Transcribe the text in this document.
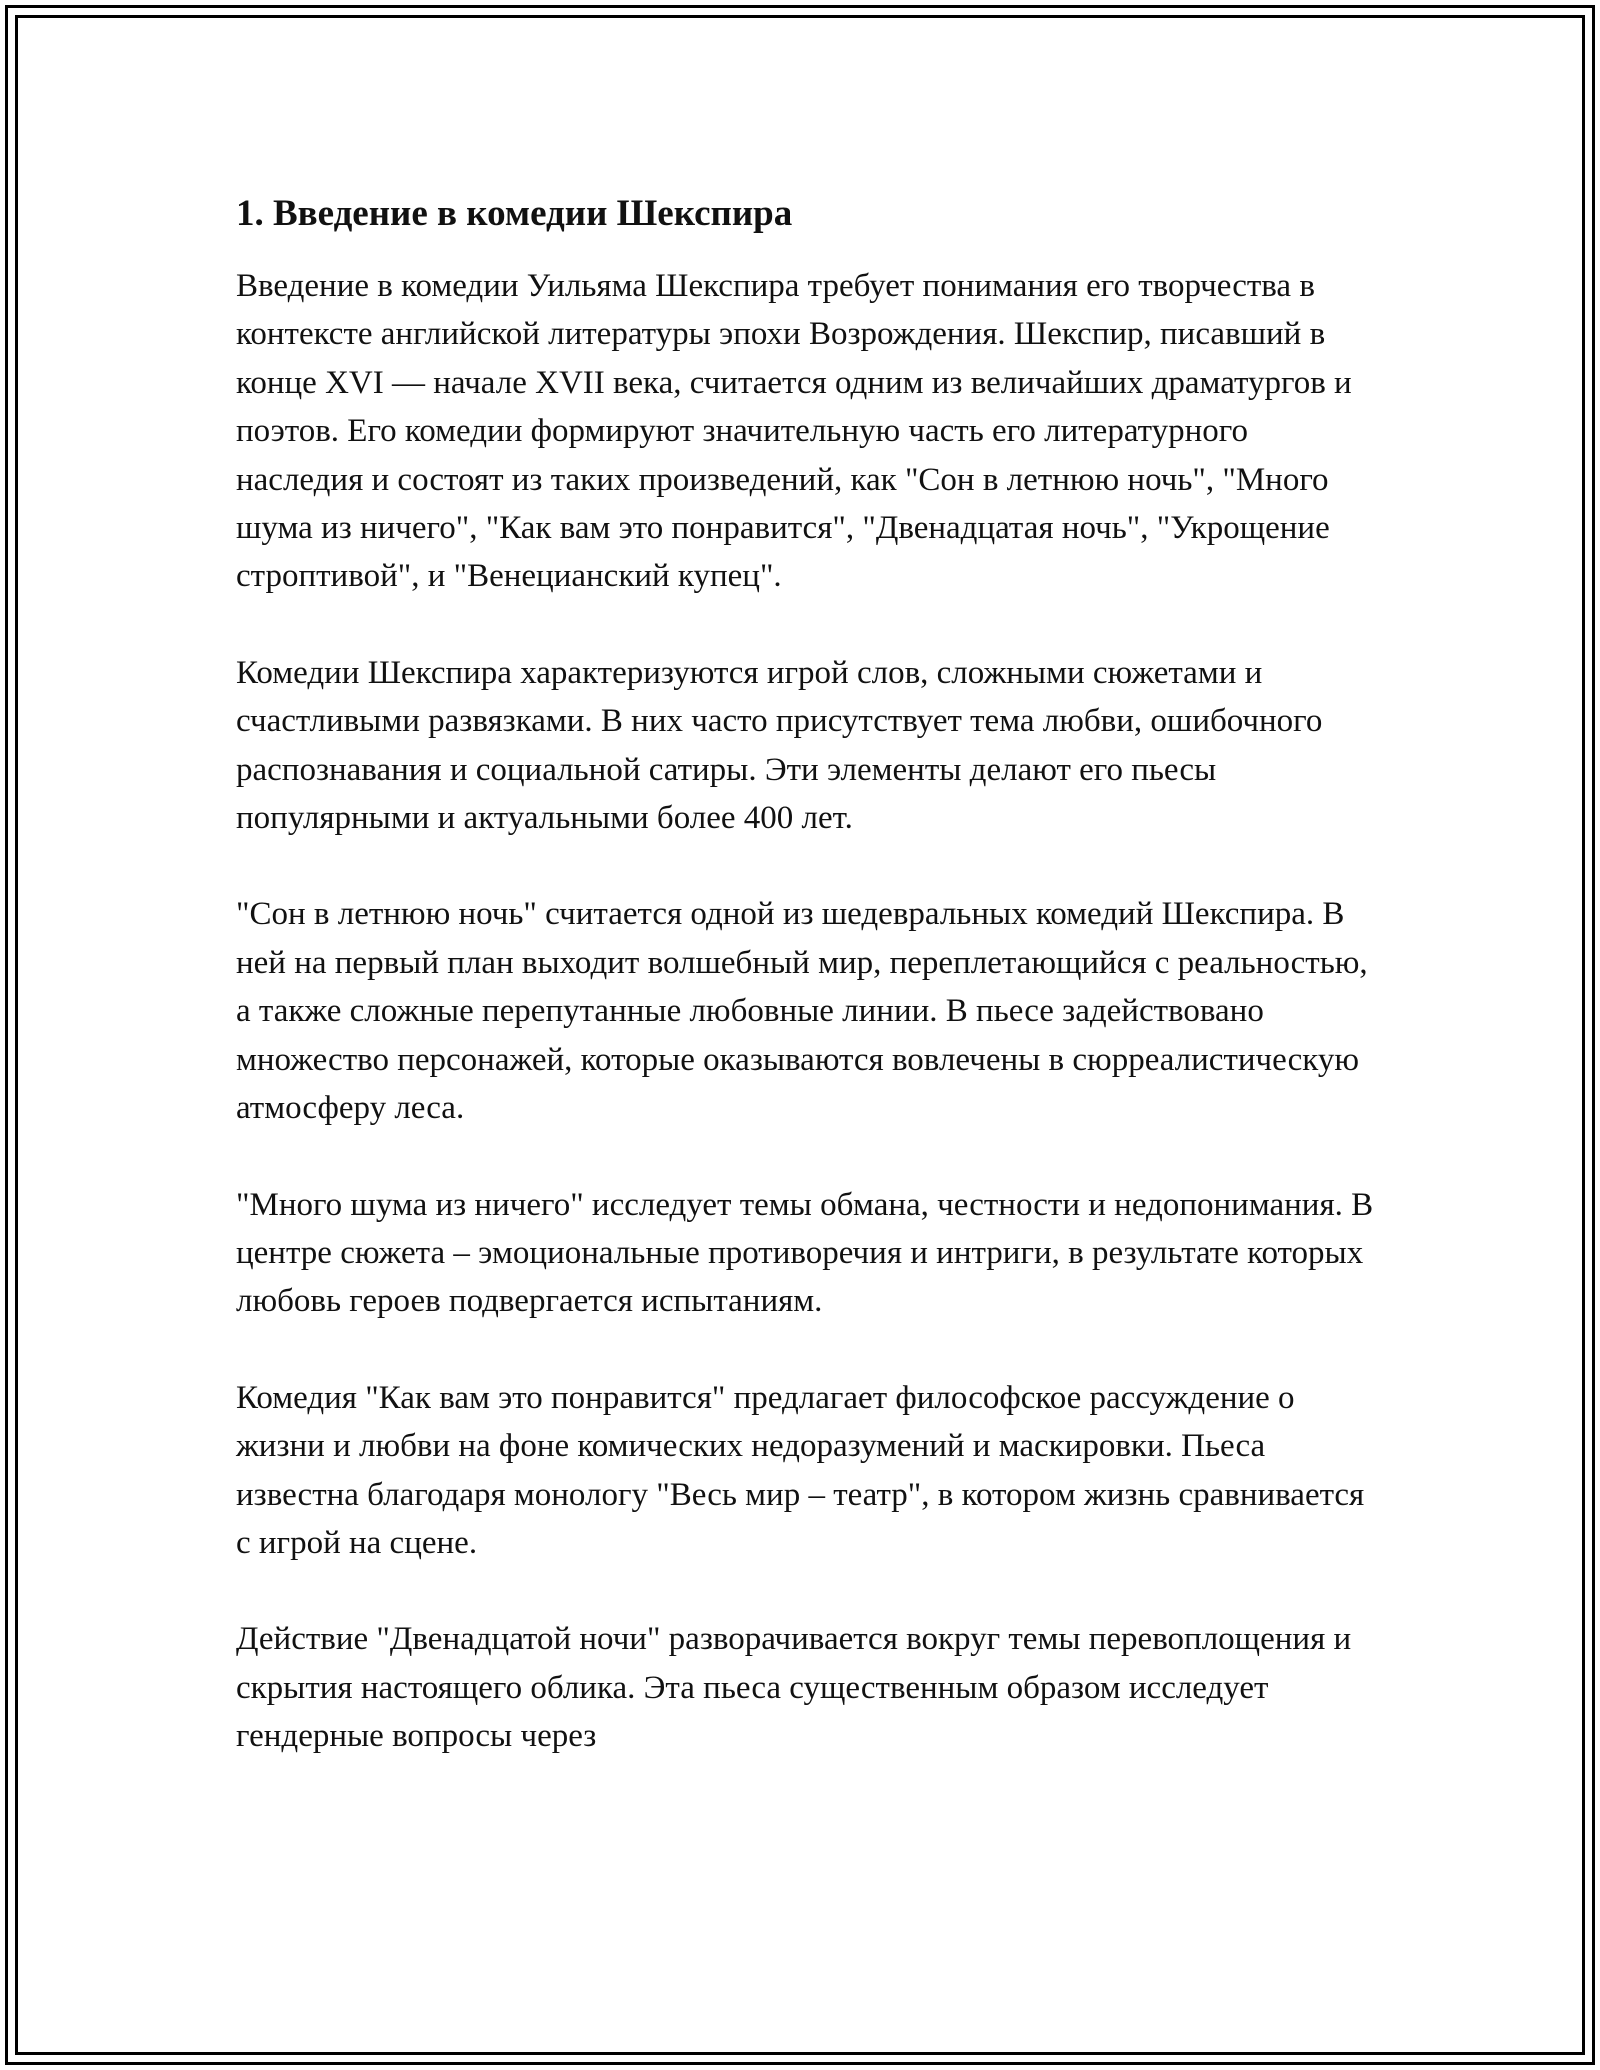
1. Введение в комедии Шекспира

Введение в комедии Уильяма Шекспира требует понимания его творчества в контексте английской литературы эпохи Возрождения. Шекспир, писавший в конце XVI — начале XVII века, считается одним из величайших драматургов и поэтов. Его комедии формируют значительную часть его литературного наследия и состоят из таких произведений, как "Сон в летнюю ночь", "Много шума из ничего", "Как вам это понравится", "Двенадцатая ночь", "Укрощение строптивой", и "Венецианский купец".

Комедии Шекспира характеризуются игрой слов, сложными сюжетами и счастливыми развязками. В них часто присутствует тема любви, ошибочного распознавания и социальной сатиры. Эти элементы делают его пьесы популярными и актуальными более 400 лет.

"Сон в летнюю ночь" считается одной из шедевральных комедий Шекспира. В ней на первый план выходит волшебный мир, переплетающийся с реальностью, а также сложные перепутанные любовные линии. В пьесе задействовано множество персонажей, которые оказываются вовлечены в сюрреалистическую атмосферу леса.

"Много шума из ничего" исследует темы обмана, честности и недопонимания. В центре сюжета – эмоциональные противоречия и интриги, в результате которых любовь героев подвергается испытаниям.

Комедия "Как вам это понравится" предлагает философское рассуждение о жизни и любви на фоне комических недоразумений и маскировки. Пьеса известна благодаря монологу "Весь мир – театр", в котором жизнь сравнивается с игрой на сцене.

Действие "Двенадцатой ночи" разворачивается вокруг темы перевоплощения и скрытия настоящего облика. Эта пьеса существенным образом исследует гендерные вопросы через
